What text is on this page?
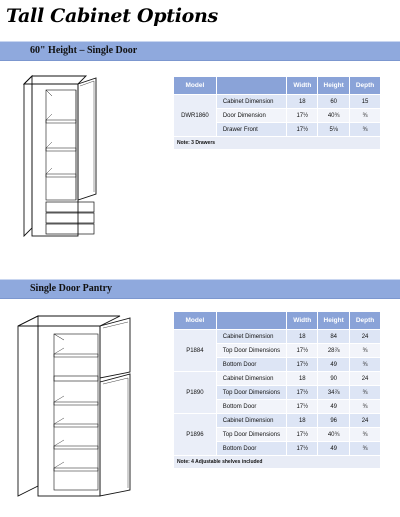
Tall Cabinet Options
60" Height – Single Door
Model		Width	Height	Depth
DWR1860	Cabinet Dimension	18	60	15
	Door Dimension	17½	40¾	¾
	Drawer Front	17½	5⅛	¾
Note: 3 Drawers				
Single Door Pantry
Model		Width	Height	Depth
P1884	Cabinet Dimension	18	84	24
	Top Door Dimensions	17½	28⅞	¾
	Bottom Door	17½	49	¾
P1890	Cabinet Dimension	18	90	24
	Top Door Dimensions	17½	34⅞	¾
	Bottom Door	17½	49	¾
P1896	Cabinet Dimension	18	96	24
	Top Door Dimensions	17½	40¾	¾
	Bottom Door	17½	49	¾
Note: 4 Adjustable shelves included				
